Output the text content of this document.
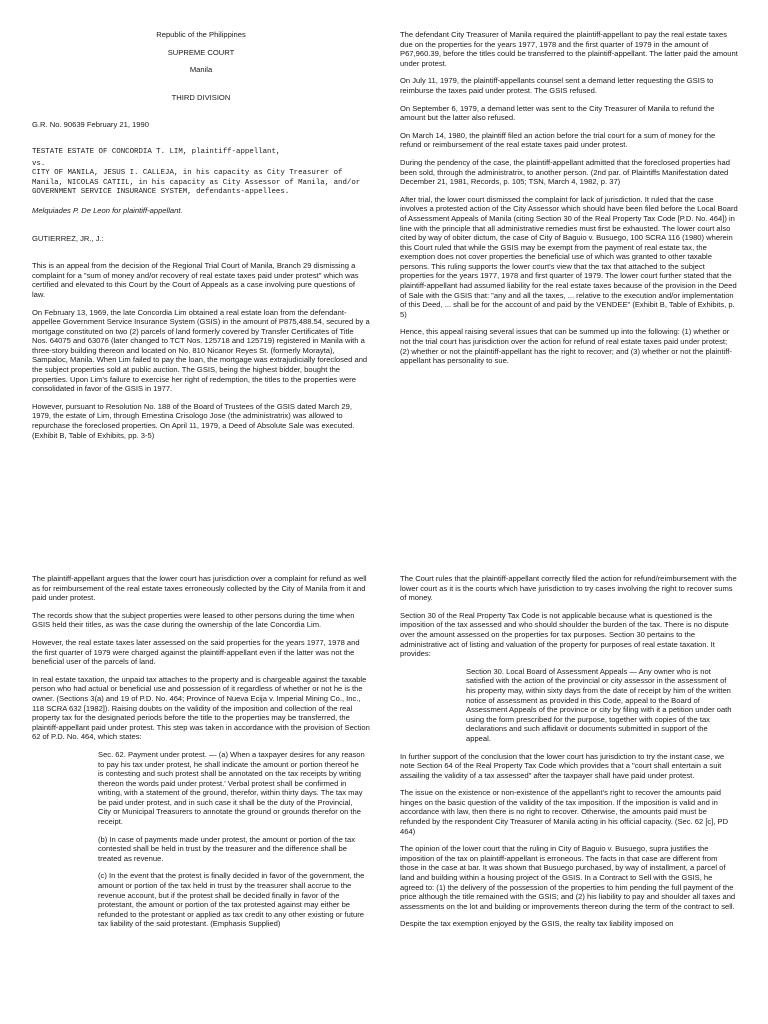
Republic of the Philippines

SUPREME COURT

Manila

THIRD DIVISION

G.R. No. 90639 February 21, 1990

TESTATE ESTATE OF CONCORDIA T. LIM, plaintiff-appellant,

vs.

CITY OF MANILA, JESUS I. CALLEJA, in his capacity as City Treasurer of Manila, NICOLAS CATIIL, in his capacity as City Assessor of Manila, and/or GOVERNMENT SERVICE INSURANCE SYSTEM, defendants-appellees.

Melquiades P. De Leon for plaintiff-appellant.

GUTIERREZ, JR., J.:

This is an appeal from the decision of the Regional Trial Court of Manila, Branch 29 dismissing a complaint for a "sum of money and/or recovery of real estate taxes paid under protest" which was certified and elevated to this Court by the Court of Appeals as a case involving pure questions of law.

On February 13, 1969, the late Concordia Lim obtained a real estate loan from the defendant-appellee Government Service Insurance System (GSIS) in the amount of P875,488.54, secured by a mortgage constituted on two (2) parcels of land formerly covered by Transfer Certificates of Title Nos. 64075 and 63076 (later changed to TCT Nos. 125718 and 125719) registered in Manila with a three-story building thereon and located on No. 810 Nicanor Reyes St. (formerly Morayta), Sampaloc, Manila. When Lim failed to pay the loan, the mortgage was extrajudicially foreclosed and the subject properties sold at public auction. The GSIS, being the highest bidder, bought the properties. Upon Lim's failure to exercise her right of redemption, the titles to the properties were consolidated in favor of the GSIS in 1977.

However, pursuant to Resolution No. 188 of the Board of Trustees of the GSIS dated March 29, 1979, the estate of Lim, through Ernestina Crisologo Jose (the administratrix) was allowed to repurchase the foreclosed properties. On April 11, 1979, a Deed of Absolute Sale was executed. (Exhibit B, Table of Exhibits, pp. 3-5)

The defendant City Treasurer of Manila required the plaintiff-appellant to pay the real estate taxes due on the properties for the years 1977, 1978 and the first quarter of 1979 in the amount of P67,960.39, before the titles could be transferred to the plaintiff-appellant. The latter paid the amount under protest.

On July 11, 1979, the plaintiff-appellants counsel sent a demand letter requesting the GSIS to reimburse the taxes paid under protest. The GSIS refused.

On September 6, 1979, a demand letter was sent to the City Treasurer of Manila to refund the amount but the latter also refused.

On March 14, 1980, the plaintiff filed an action before the trial court for a sum of money for the refund or reimbursement of the real estate taxes paid under protest.

During the pendency of the case, the plaintiff-appellant admitted that the foreclosed properties had been sold, through the administratrix, to another person. (2nd par. of Plaintiffs Manifestation dated December 21, 1981, Records, p. 105; TSN, March 4, 1982, p. 37)

After trial, the lower court dismissed the complaint for lack of jurisdiction. It ruled that the case involves a protested action of the City Assessor which should have been filed before the Local Board of Assessment Appeals of Manila (citing Section 30 of the Real Property Tax Code [P.D. No. 464]) in line with the principle that all administrative remedies must first be exhausted. The lower court also cited by way of obiter dictum, the case of City of Baguio v. Busuego, 100 SCRA 116 (1980) wherein this Court ruled that while the GSIS may be exempt from the payment of real estate tax, the exemption does not cover properties the beneficial use of which was granted to other taxable persons. This ruling supports the lower court's view that the tax that attached to the subject properties for the years 1977, 1978 and first quarter of 1979. The lower court further stated that the plaintiff-appellant had assumed liability for the real estate taxes because of the provision in the Deed of Sale with the GSIS that: "any and all the taxes, ... relative to the execution and/or implementation of this Deed, ... shall be for the account of and paid by the VENDEE" (Exhibit B, Table of Exhibits, p. 5)

Hence, this appeal raising several issues that can be summed up into the following: (1) whether or not the trial court has jurisdiction over the action for refund of real estate taxes paid under protest; (2) whether or not the plaintiff-appellant has the right to recover; and (3) whether or not the plaintiff-appellant has personality to sue.

The plaintiff-appellant argues that the lower court has jurisdiction over a complaint for refund as well as for reimbursement of the real estate taxes erroneously collected by the City of Manila from it and paid under protest.

The records show that the subject properties were leased to other persons during the time when GSIS held their titles, as was the case during the ownership of the late Concordia Lim.

However, the real estate taxes later assessed on the said properties for the years 1977, 1978 and the first quarter of 1979 were charged against the plaintiff-appellant even if the latter was not the beneficial user of the parcels of land.

In real estate taxation, the unpaid tax attaches to the property and is chargeable against the taxable person who had actual or beneficial use and possession of it regardless of whether or not he is the owner. (Sections 3(a) and 19 of P.D. No. 464; Province of Nueva Ecija v. Imperial Mining Co., Inc., 118 SCRA 632 [1982]). Raising doubts on the validity of the imposition and collection of the real property tax for the designated periods before the title to the properties may be transferred, the plaintiff-appellant paid under protest. This step was taken in accordance with the provision of Section 62 of P.D. No. 464, which states:

Sec. 62. Payment under protest. — (a) When a taxpayer desires for any reason to pay his tax under protest, he shall indicate the amount or portion thereof he is contesting and such protest shall be annotated on the tax receipts by writing thereon the words paid under protest.' Verbal protest shall be confirmed in writing, with a statement of the ground, therefor, within thirty days. The tax may be paid under protest, and in such case it shall be the duty of the Provincial, City or Municipal Treasurers to annotate the ground or grounds therefor on the receipt.

(b) In case of payments made under protest, the amount or portion of the tax contested shall be held in trust by the treasurer and the difference shall be treated as revenue.

(c) In the event that the protest is finally decided in favor of the government, the amount or portion of the tax held in trust by the treasurer shall accrue to the revenue account, but if the protest shall be decided finally in favor of the protestant, the amount or portion of the tax protested against may either be refunded to the protestant or applied as tax credit to any other existing or future tax liability of the said protestant. (Emphasis Supplied)

The Court rules that the plaintiff-appellant correctly filed the action for refund/reimbursement with the lower court as it is the courts which have jurisdiction to try cases involving the right to recover sums of money.

Section 30 of the Real Property Tax Code is not applicable because what is questioned is the imposition of the tax assessed and who should shoulder the burden of the tax. There is no dispute over the amount assessed on the properties for tax purposes. Section 30 pertains to the administrative act of listing and valuation of the property for purposes of real estate taxation. It provides:

Section 30. Local Board of Assessment Appeals — Any owner who is not satisfied with the action of the provincial or city assessor in the assessment of his property may, within sixty days from the date of receipt by him of the written notice of assessment as provided in this Code, appeal to the Board of Assessment Appeals of the province or city by filing with it a petition under oath using the form prescribed for the purpose, together with copies of the tax declarations and such affidavit or documents submitted in support of the appeal.

In further support of the conclusion that the lower court has jurisdiction to try the instant case, we note Section 64 of the Real Property Tax Code which provides that a "court shall entertain a suit assailing the validity of a tax assessed" after the taxpayer shall have paid under protest.

The issue on the existence or non-existence of the appellant's right to recover the amounts paid hinges on the basic question of the validity of the tax imposition. If the imposition is valid and in accordance with law, then there is no right to recover. Otherwise, the amounts paid must be refunded by the respondent City Treasurer of Manila acting in his official capacity. (Sec. 62 [c], PD 464)

The opinion of the lower court that the ruling in City of Baguio v. Busuego, supra justifies the imposition of the tax on plaintiff-appellant is erroneous. The facts in that case are different from those in the case at bar. It was shown that Busuego purchased, by way of installment, a parcel of land and building within a housing project of the GSIS. In a Contract to Sell with the GSIS, he agreed to: (1) the delivery of the possession of the properties to him pending the full payment of the price although the title remained with the GSIS; and (2) his liability to pay and shoulder all taxes and assessments on the lot and building or improvements thereon during the term of the contract to sell.

Despite the tax exemption enjoyed by the GSIS, the realty tax liability imposed on
